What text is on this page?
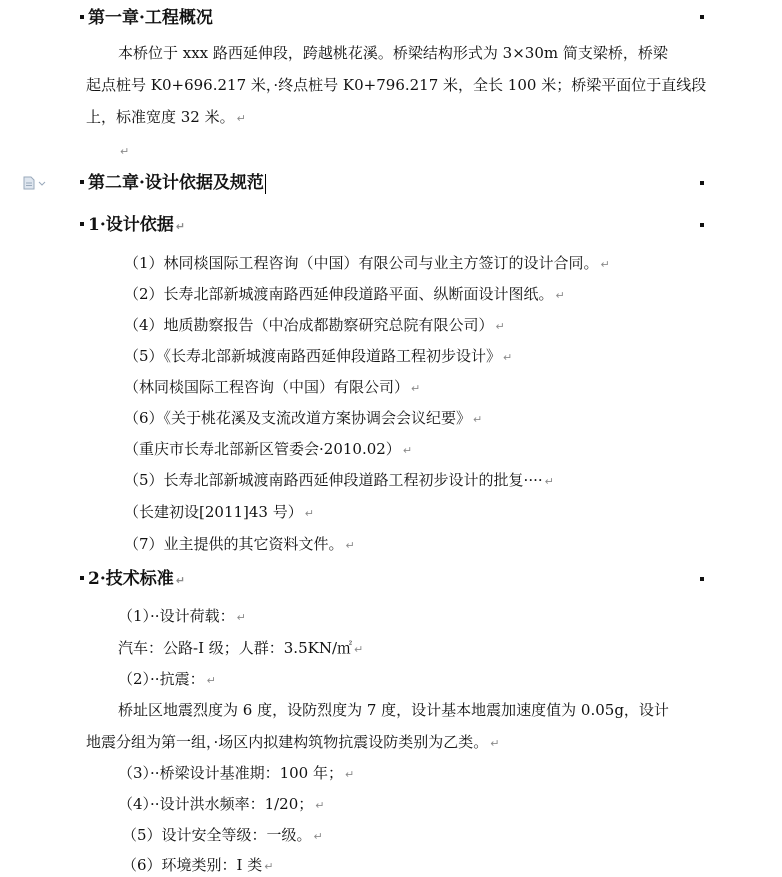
第一章·工程概况
本桥位于 xxx 路西延伸段，跨越桃花溪。桥梁结构形式为 3×30m 简支梁桥，桥梁
起点桩号 K0+696.217 米，·终点桩号 K0+796.217 米，全长 100 米；桥梁平面位于直线段
上，标准宽度 32 米。 ↵
↵
第二章·设计依据及规范
1·设计依据 ↵
（1）林同棪国际工程咨询（中国）有限公司与业主方签订的设计合同。 ↵
（2）长寿北部新城渡南路西延伸段道路平面、纵断面设计图纸。 ↵
（4）地质勘察报告（中冶成都勘察研究总院有限公司） ↵
（5）《长寿北部新城渡南路西延伸段道路工程初步设计》 ↵
（林同棪国际工程咨询（中国）有限公司） ↵
（6）《关于桃花溪及支流改道方案协调会会议纪要》 ↵
（重庆市长寿北部新区管委会·2010.02） ↵
（5）长寿北部新城渡南路西延伸段道路工程初步设计的批复···· ↵
（长建初设[2011]43 号） ↵
（7）业主提供的其它资料文件。 ↵
2·技术标准 ↵
（1）··设计荷载： ↵
汽车：公路-I 级；人群：3.5KN/㎡ ↵
（2）··抗震： ↵
桥址区地震烈度为 6 度，设防烈度为 7 度，设计基本地震加速度值为 0.05g，设计
地震分组为第一组，·场区内拟建构筑物抗震设防类别为乙类。 ↵
（3）··桥梁设计基准期：100 年； ↵
（4）··设计洪水频率：1/20； ↵
（5）设计安全等级：一级。 ↵
（6）环境类别：I 类 ↵
